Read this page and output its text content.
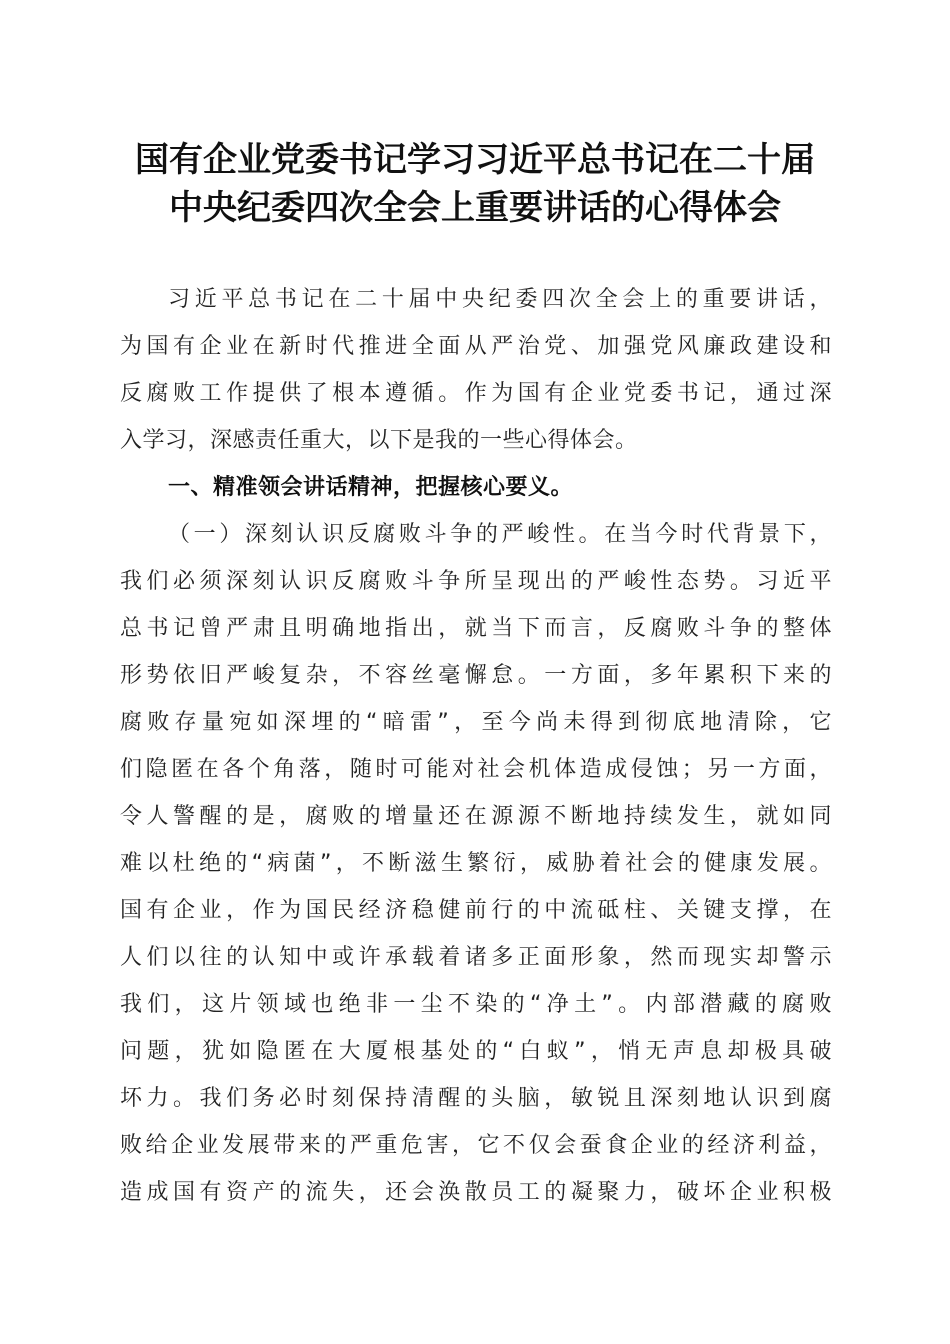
国有企业党委书记学习习近平总书记在二十届
中央纪委四次全会上重要讲话的心得体会
习近平总书记在二十届中央纪委四次全会上的重要讲话，
为国有企业在新时代推进全面从严治党、加强党风廉政建设和
反腐败工作提供了根本遵循。作为国有企业党委书记，通过深
入学习，深感责任重大，以下是我的一些心得体会。
一、精准领会讲话精神，把握核心要义。
（一）深刻认识反腐败斗争的严峻性。在当今时代背景下，
我们必须深刻认识反腐败斗争所呈现出的严峻性态势。习近平
总书记曾严肃且明确地指出，就当下而言，反腐败斗争的整体
形势依旧严峻复杂，不容丝毫懈怠。一方面，多年累积下来的
腐败存量宛如深埋的“暗雷”，至今尚未得到彻底地清除，它
们隐匿在各个角落，随时可能对社会机体造成侵蚀；另一方面，
令人警醒的是，腐败的增量还在源源不断地持续发生，就如同
难以杜绝的“病菌”，不断滋生繁衍，威胁着社会的健康发展。
国有企业，作为国民经济稳健前行的中流砥柱、关键支撑，在
人们以往的认知中或许承载着诸多正面形象，然而现实却警示
我们，这片领域也绝非一尘不染的“净土”。内部潜藏的腐败
问题，犹如隐匿在大厦根基处的“白蚁”，悄无声息却极具破
坏力。我们务必时刻保持清醒的头脑，敏锐且深刻地认识到腐
败给企业发展带来的严重危害，它不仅会蚕食企业的经济利益，
造成国有资产的流失，还会涣散员工的凝聚力，破坏企业积极
